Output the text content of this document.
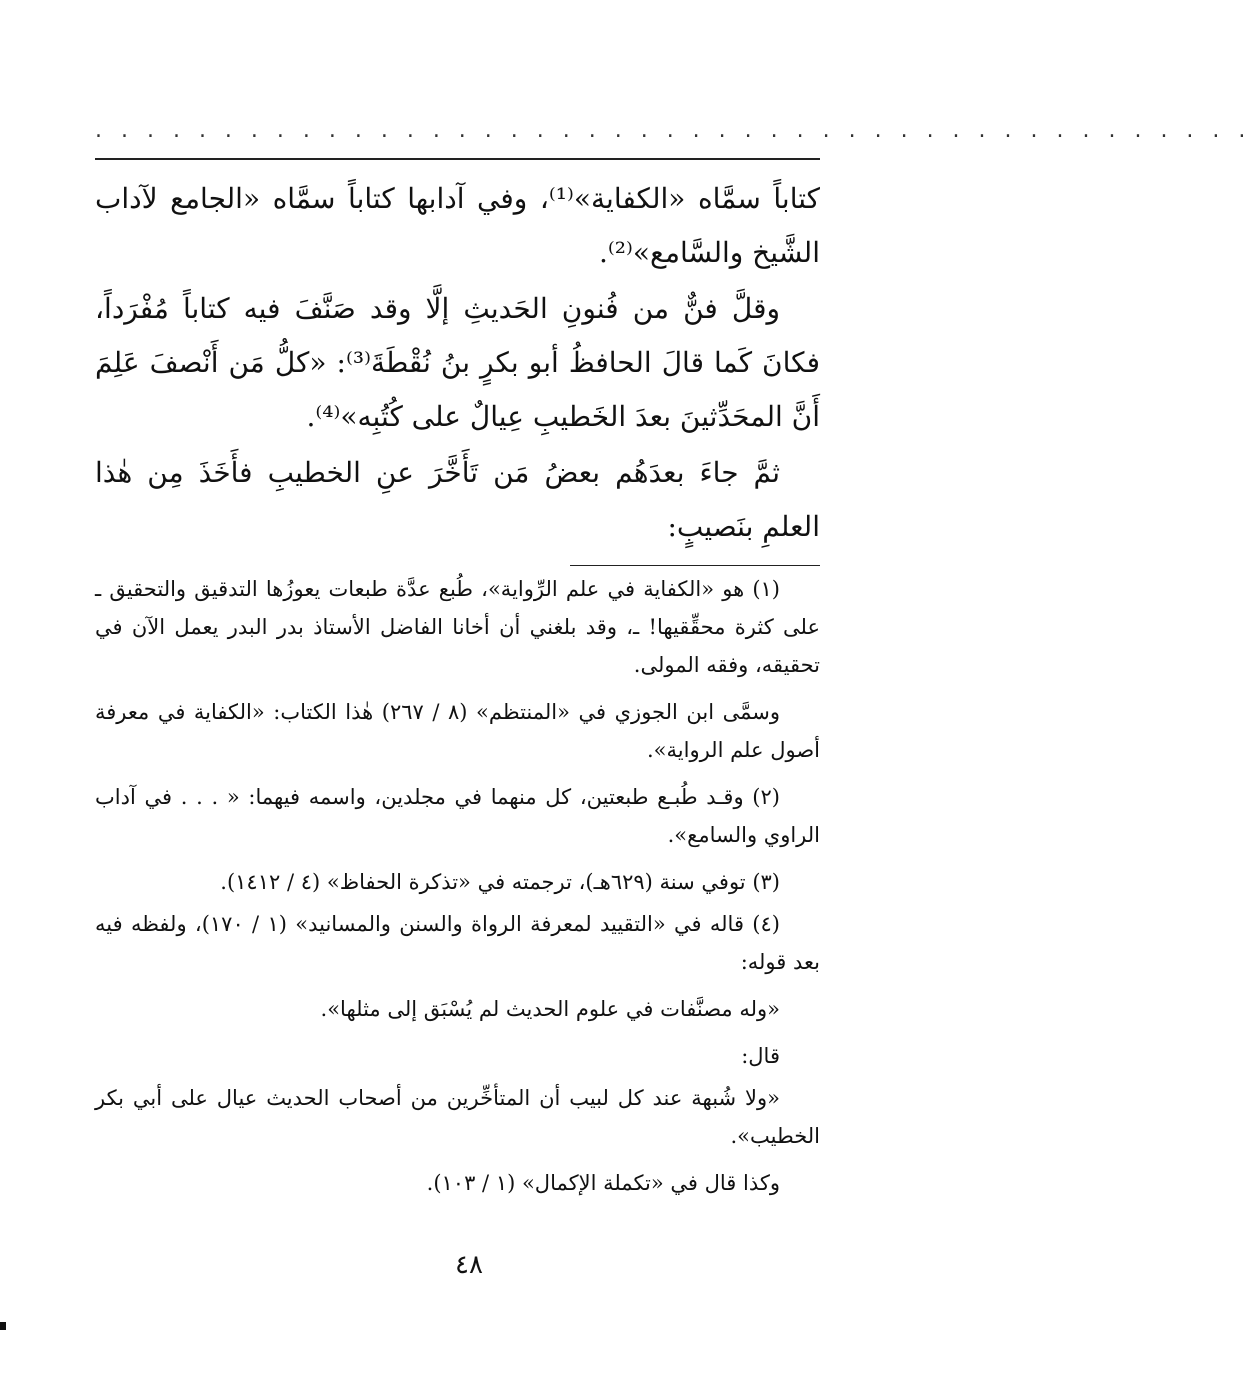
. . . . . . . . . . . . . . . . . . . . . . . . . . . . . . . . . . . . . . . . . . . . .

كتاباً سمَّاه «الكفاية»⁽¹⁾، وفي آدابها كتاباً سمَّاه «الجامع لآداب الشَّيخ والسَّامع»⁽²⁾.

وقلَّ فنٌّ من فُنونِ الحَديثِ إلَّا وقد صَنَّفَ فيه كتاباً مُفْرَداً، فكانَ كَما قالَ الحافظُ أبو بكرٍ بنُ نُقْطَةَ⁽³⁾: «كلُّ مَن أَنْصفَ عَلِمَ أَنَّ المحَدِّثينَ بعدَ الخَطيبِ عِيالٌ على كُتُبِه»⁽⁴⁾.

ثمَّ جاءَ بعدَهُم بعضُ مَن تَأَخَّرَ عنِ الخطيبِ فأَخَذَ مِن هٰذا العلمِ بنَصيبٍ:

(١) هو «الكفاية في علم الرِّواية»، طُبع عدَّة طبعات يعوزُها التدقيق والتحقيق ـ على كثرة محقِّقيها! ـ، وقد بلغني أن أخانا الفاضل الأستاذ بدر البدر يعمل الآن في تحقيقه، وفقه المولى.

وسمَّى ابن الجوزي في «المنتظم» (٨ / ٢٦٧) هٰذا الكتاب: «الكفاية في معرفة أصول علم الرواية».

(٢) وقـد طُبـع طبعتين، كل منهما في مجلدين، واسمه فيهما: « . . . في آداب الراوي والسامع».

(٣) توفي سنة (٦٢٩هـ)، ترجمته في «تذكرة الحفاظ» (٤ / ١٤١٢).

(٤) قاله في «التقييد لمعرفة الرواة والسنن والمسانيد» (١ / ١٧٠)، ولفظه فيه بعد قوله:

«وله مصنَّفات في علوم الحديث لم يُسْبَق إلى مثلها».

قال:

«ولا شُبهة عند كل لبيب أن المتأخِّرين من أصحاب الحديث عيال على أبي بكر الخطيب».

وكذا قال في «تكملة الإكمال» (١ / ١٠٣).

٤٨
